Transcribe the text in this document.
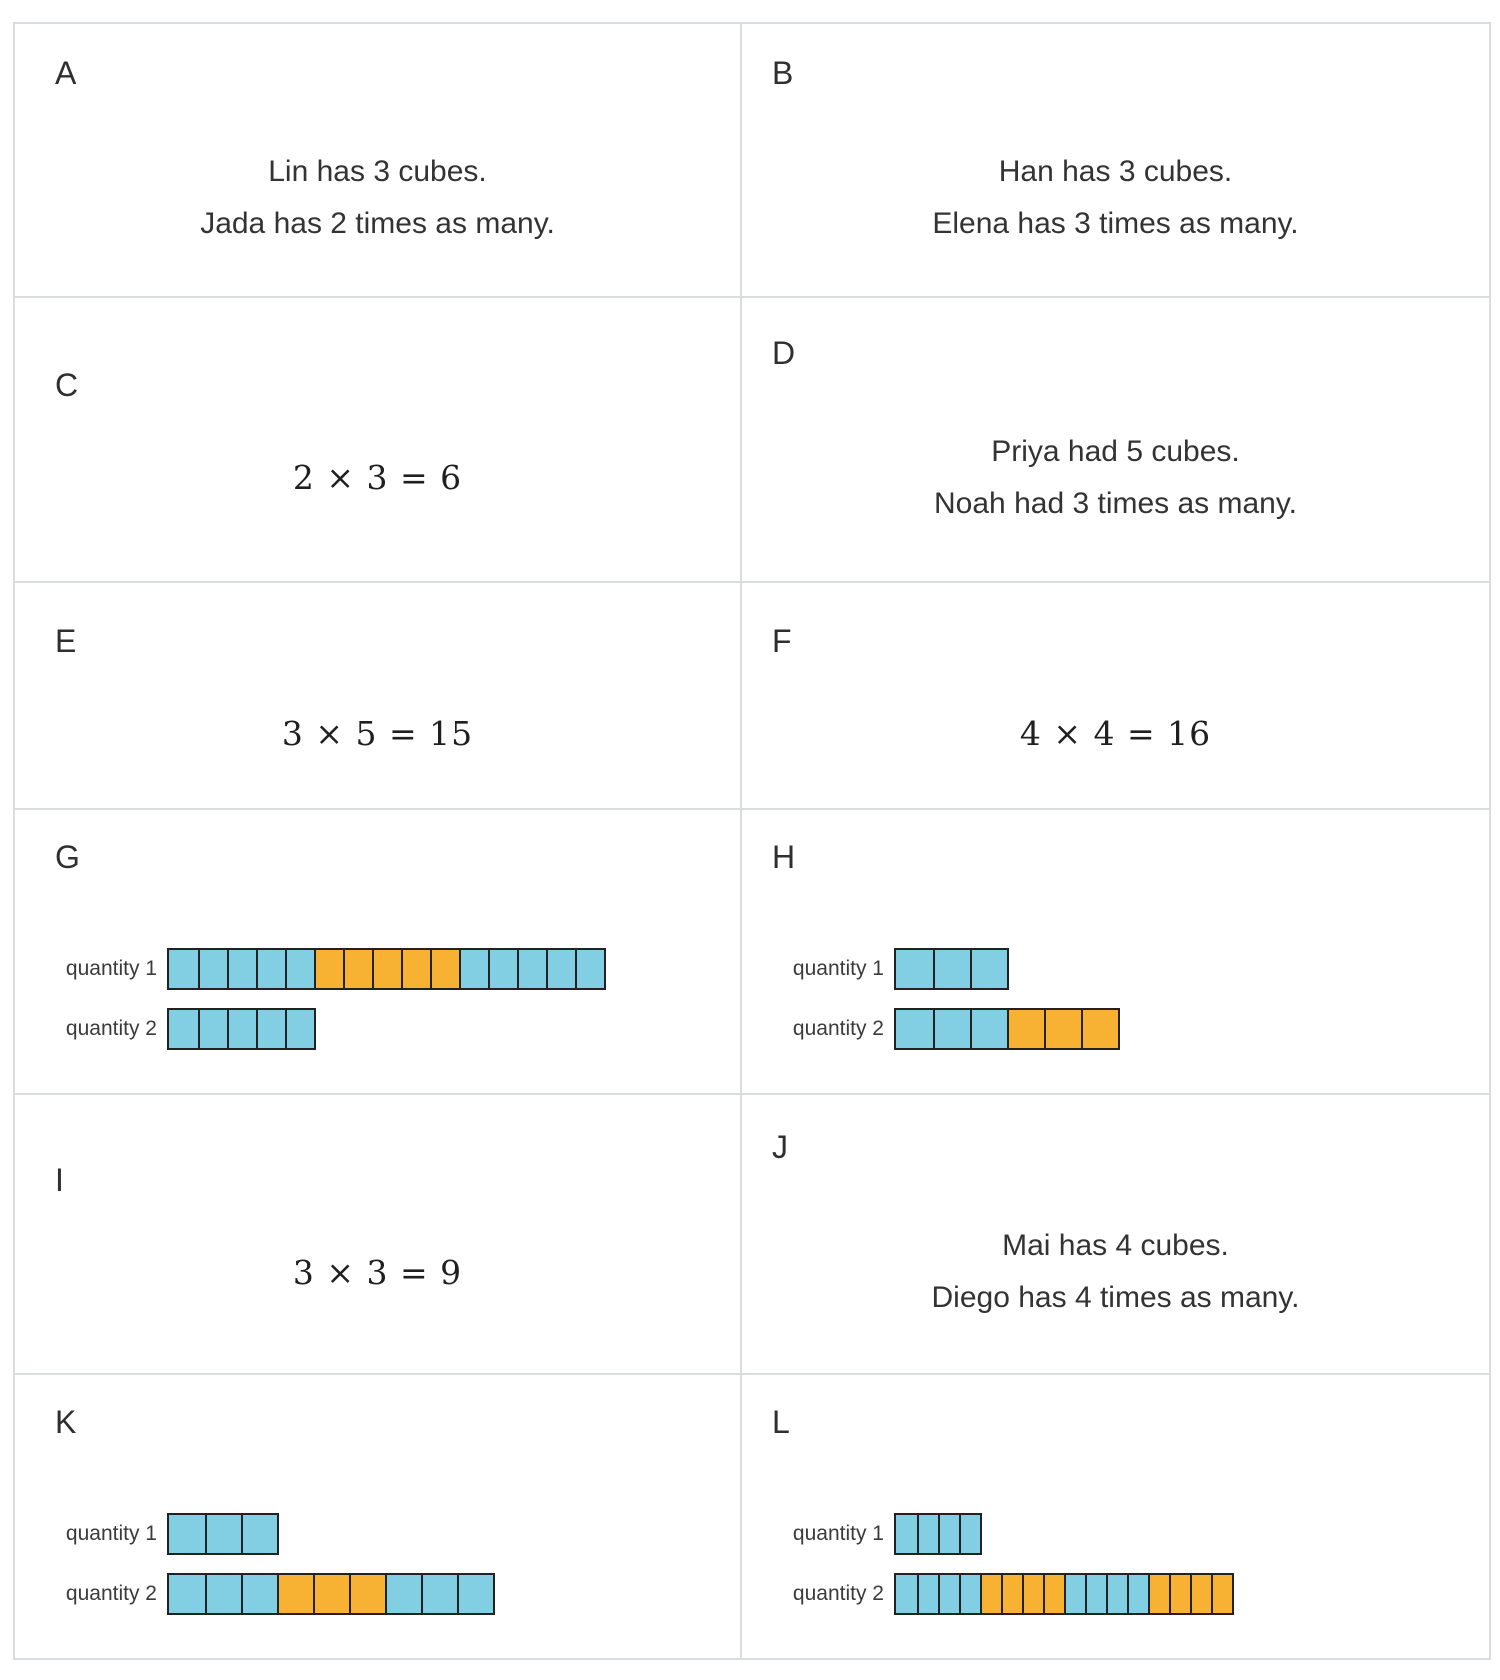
A
Lin has 3 cubes.
Jada has 2 times as many.
B
Han has 3 cubes.
Elena has 3 times as many.
C
2 × 3 = 6
D
Priya had 5 cubes.
Noah had 3 times as many.
E
3 × 5 = 15
F
4 × 4 = 16
G
quantity 1
quantity 2
H
quantity 1
quantity 2
I
3 × 3 = 9
J
Mai has 4 cubes.
Diego has 4 times as many.
K
quantity 1
quantity 2
L
quantity 1
quantity 2
